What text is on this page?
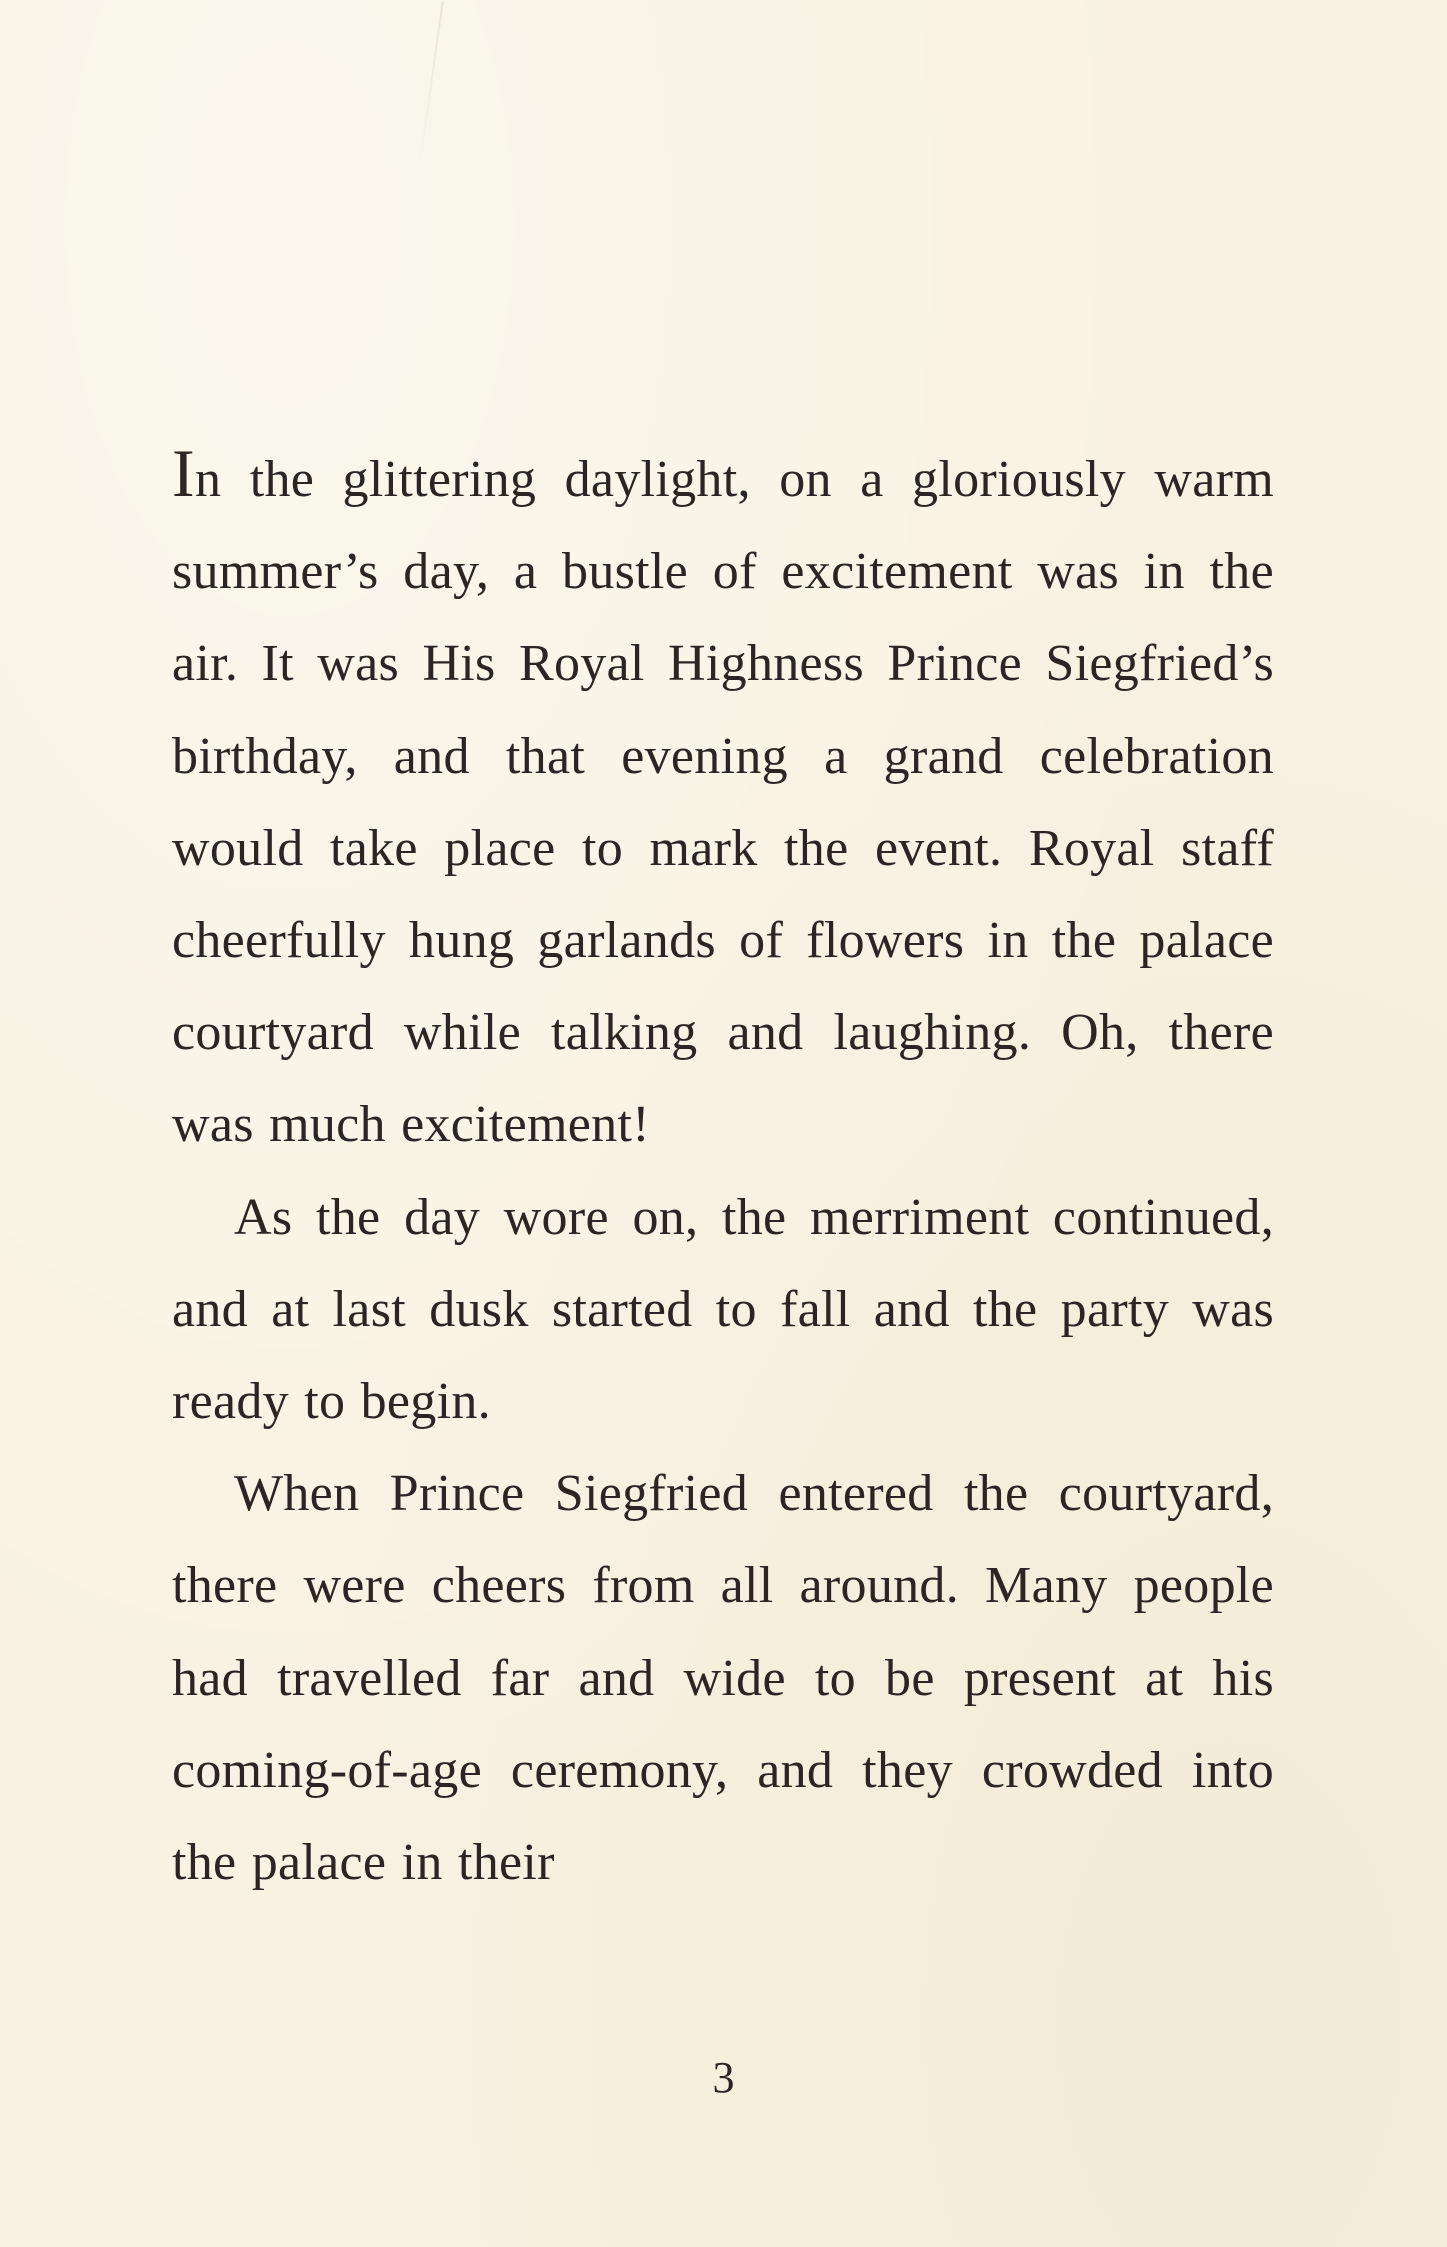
In the glittering daylight, on a gloriously warm summer’s day, a bustle of excitement was in the air. It was His Royal Highness Prince Siegfried’s birthday, and that evening a grand celebration would take place to mark the event. Royal staff cheerfully hung garlands of flowers in the palace courtyard while talking and laughing. Oh, there was much excitement!

As the day wore on, the merriment continued, and at last dusk started to fall and the party was ready to begin.

When Prince Siegfried entered the courtyard, there were cheers from all around. Many people had travelled far and wide to be present at his coming-of-age ceremony, and they crowded into the palace in their

3
